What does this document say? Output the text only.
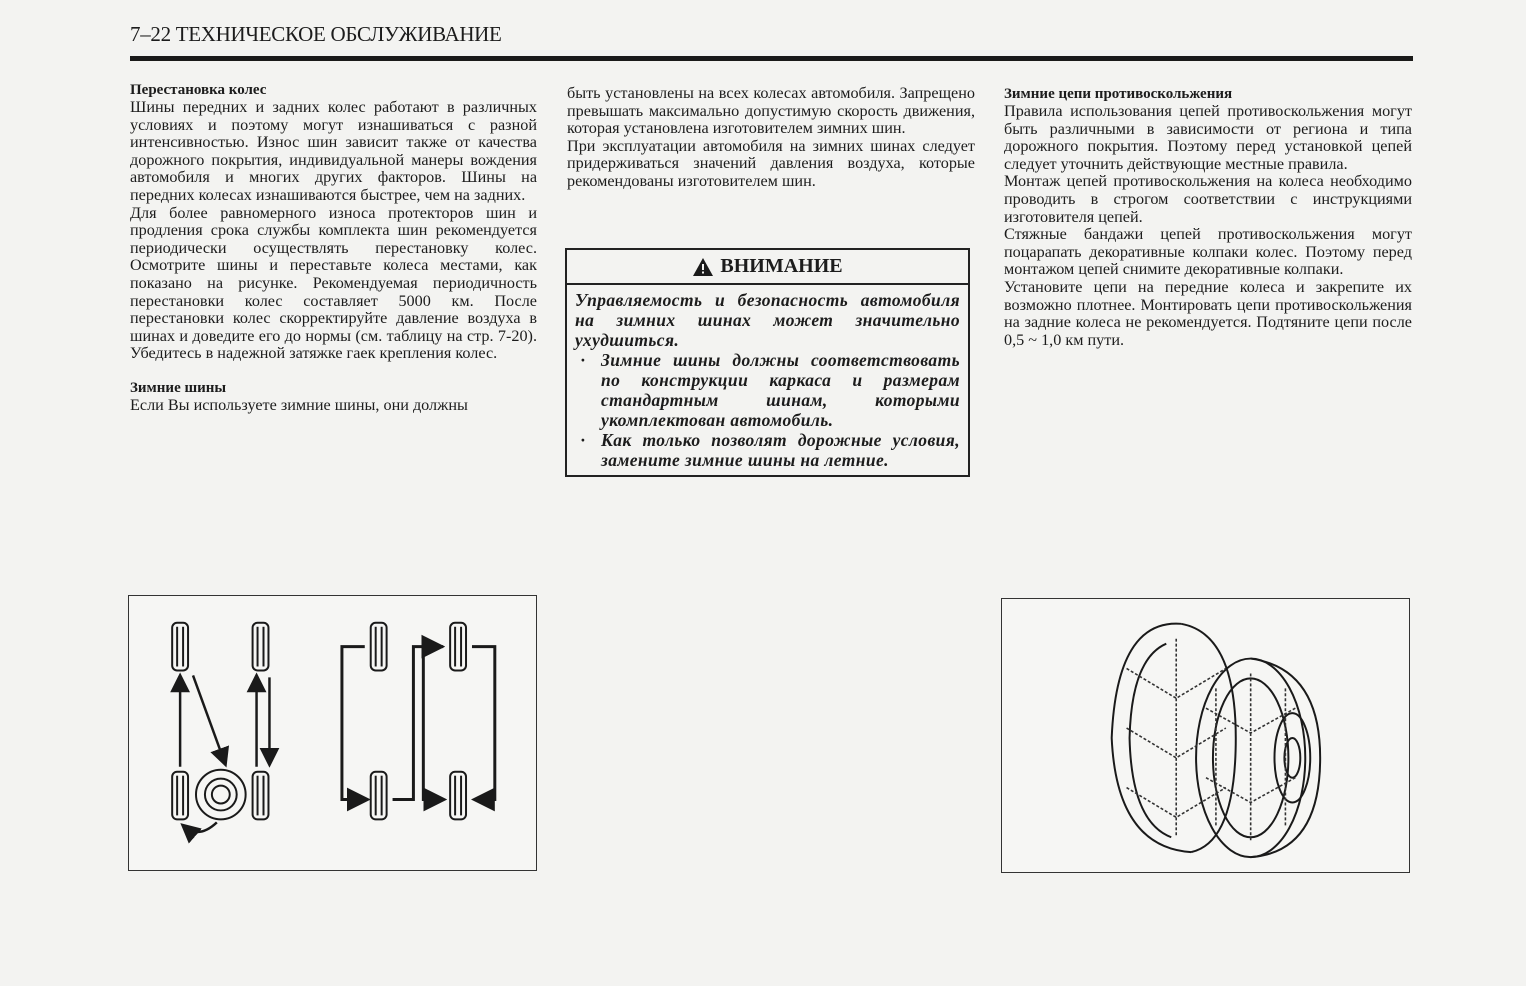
7–22 ТЕХНИЧЕСКОЕ ОБСЛУЖИВАНИЕ
Перестановка колес

Шины передних и задних колес работают в различных условиях и поэтому могут изнашиваться с разной интенсивностью. Износ шин зависит также от качества дорожного покрытия, индивидуальной манеры вождения автомобиля и многих других факторов. Шины на передних колесах изнашиваются быстрее, чем на задних.

Для более равномерного износа протекторов шин и продления срока службы комплекта шин рекомендуется периодически осуществлять перестановку колес. Осмотрите шины и переставьте колеса местами, как показано на рисунке. Рекомендуемая периодичность перестановки колес составляет 5000 км. После перестановки колес скорректируйте давление воздуха в шинах и доведите его до нормы (см. таблицу на стр. 7-20). Убедитесь в надежной затяжке гаек крепления колес.

Зимние шины

Если Вы используете зимние шины, они должны

быть установлены на всех колесах автомобиля. Запрещено превышать максимально допустимую скорость движения, которая установлена изготовителем зимних шин.

При эксплуатации автомобиля на зимних шинах следует придерживаться значений давления воздуха, которые рекомендованы изготовителем шин.

ВНИМАНИЕ

Управляемость и безопасность автомобиля на зимних шинах может значительно ухудшиться.

· Зимние шины должны соответствовать по конструкции каркаса и размерам стандартным шинам, которыми укомплектован автомобиль.

· Как только позволят дорожные условия, замените зимние шины на летние.

Зимние цепи противоскольжения

Правила использования цепей противоскольжения могут быть различными в зависимости от региона и типа дорожного покрытия. Поэтому перед установкой цепей следует уточнить действующие местные правила.

Монтаж цепей противоскольжения на колеса необходимо проводить в строгом соответствии с инструкциями изготовителя цепей.

Стяжные бандажи цепей противоскольжения могут поцарапать декоративные колпаки колес. Поэтому перед монтажом цепей снимите декоративные колпаки.

Установите цепи на передние колеса и закрепите их возможно плотнее. Монтировать цепи противоскольжения на задние колеса не рекомендуется. Подтяните цепи после 0,5 ~ 1,0 км пути.
